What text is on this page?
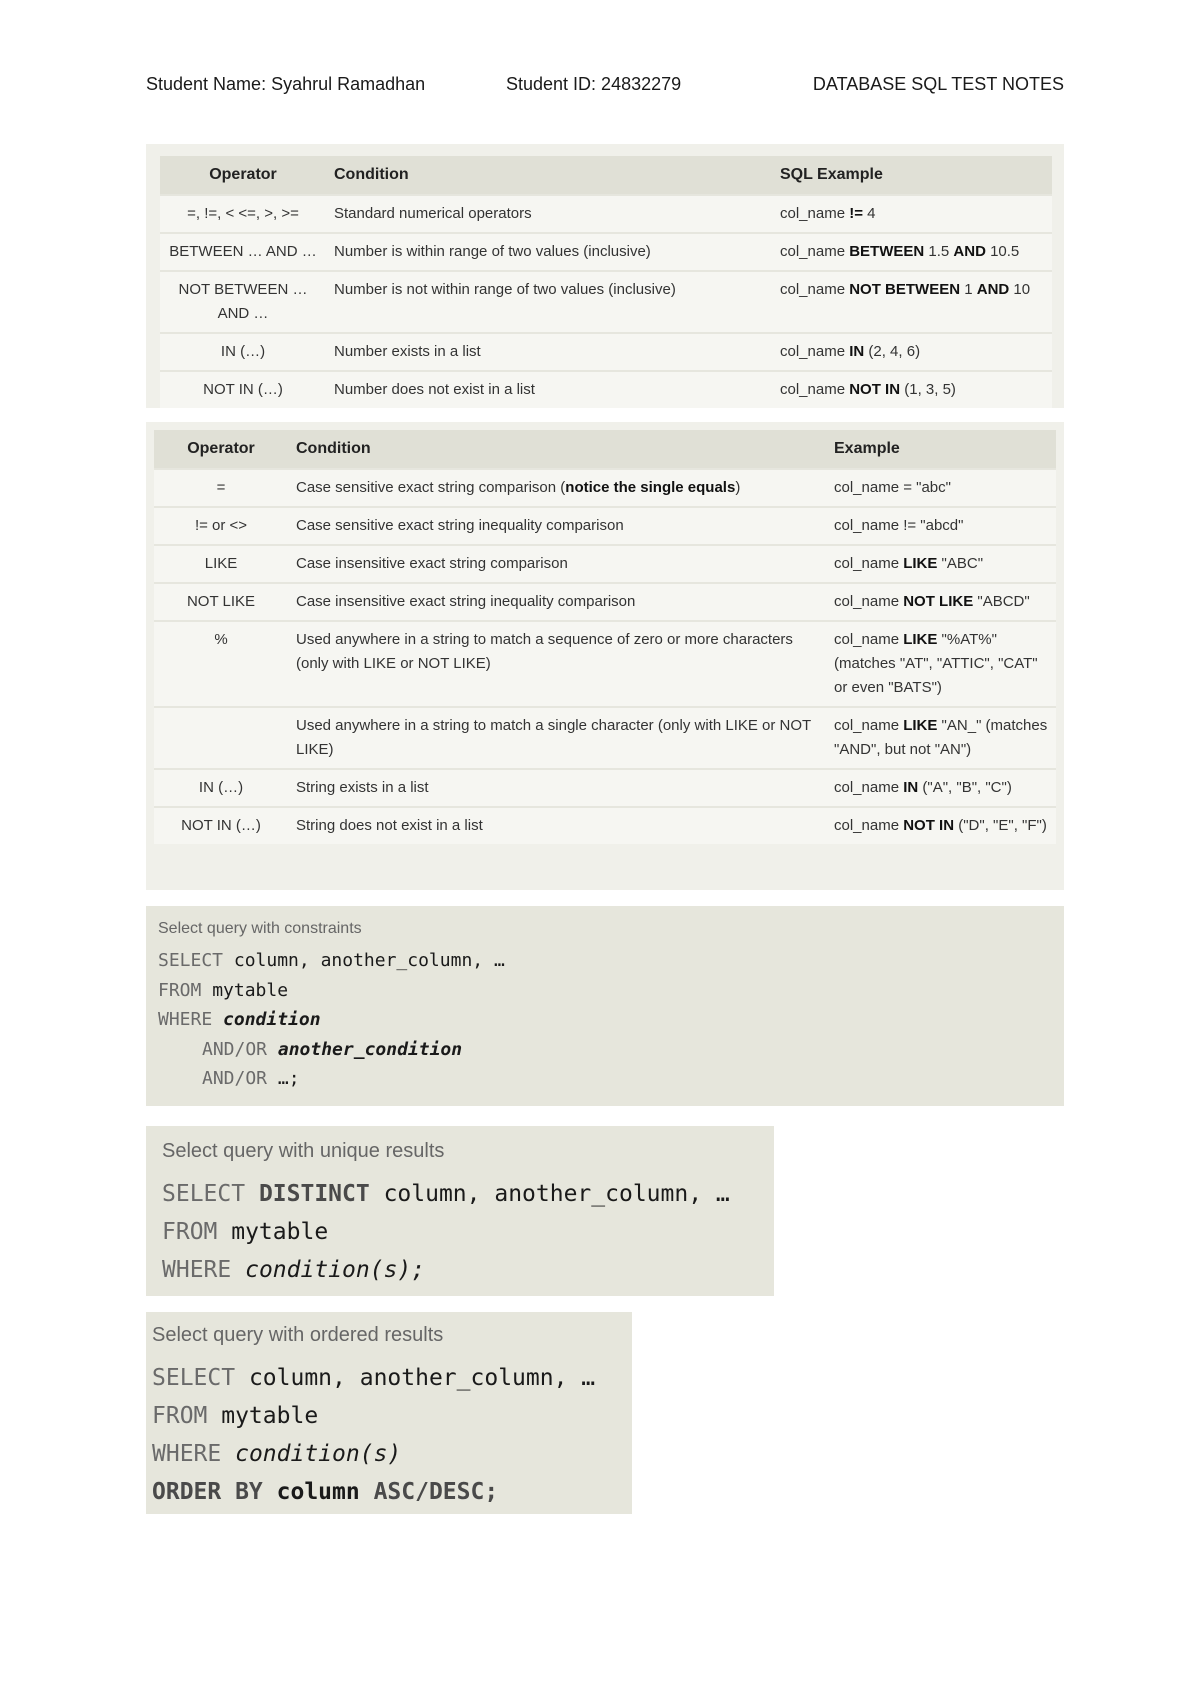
Student Name: Syahrul Ramadhan	Student ID: 24832279	DATABASE SQL TEST NOTES
Operator	Condition	SQL Example
=, !=, < <=, >, >=	Standard numerical operators	col_name != 4
BETWEEN … AND …	Number is within range of two values (inclusive)	col_name BETWEEN 1.5 AND 10.5
NOT BETWEEN … AND …	Number is not within range of two values (inclusive)	col_name NOT BETWEEN 1 AND 10
IN (…)	Number exists in a list	col_name IN (2, 4, 6)
NOT IN (…)	Number does not exist in a list	col_name NOT IN (1, 3, 5)
Operator	Condition	Example
=	Case sensitive exact string comparison (notice the single equals)	col_name = "abc"
!= or <>	Case sensitive exact string inequality comparison	col_name != "abcd"
LIKE	Case insensitive exact string comparison	col_name LIKE "ABC"
NOT LIKE	Case insensitive exact string inequality comparison	col_name NOT LIKE "ABCD"
%	Used anywhere in a string to match a sequence of zero or more characters (only with LIKE or NOT LIKE)	col_name LIKE "%AT%" (matches "AT", "ATTIC", "CAT" or even "BATS")
	Used anywhere in a string to match a single character (only with LIKE or NOT LIKE)	col_name LIKE "AN_" (matches "AND", but not "AN")
IN (…)	String exists in a list	col_name IN ("A", "B", "C")
NOT IN (…)	String does not exist in a list	col_name NOT IN ("D", "E", "F")
Select query with constraints
SELECT column, another_column, …
FROM mytable
WHERE condition
AND/OR another_condition
AND/OR …;
Select query with unique results
SELECT DISTINCT column, another_column, …
FROM mytable
WHERE condition(s);
Select query with ordered results
SELECT column, another_column, …
FROM mytable
WHERE condition(s)
ORDER BY column ASC/DESC;
